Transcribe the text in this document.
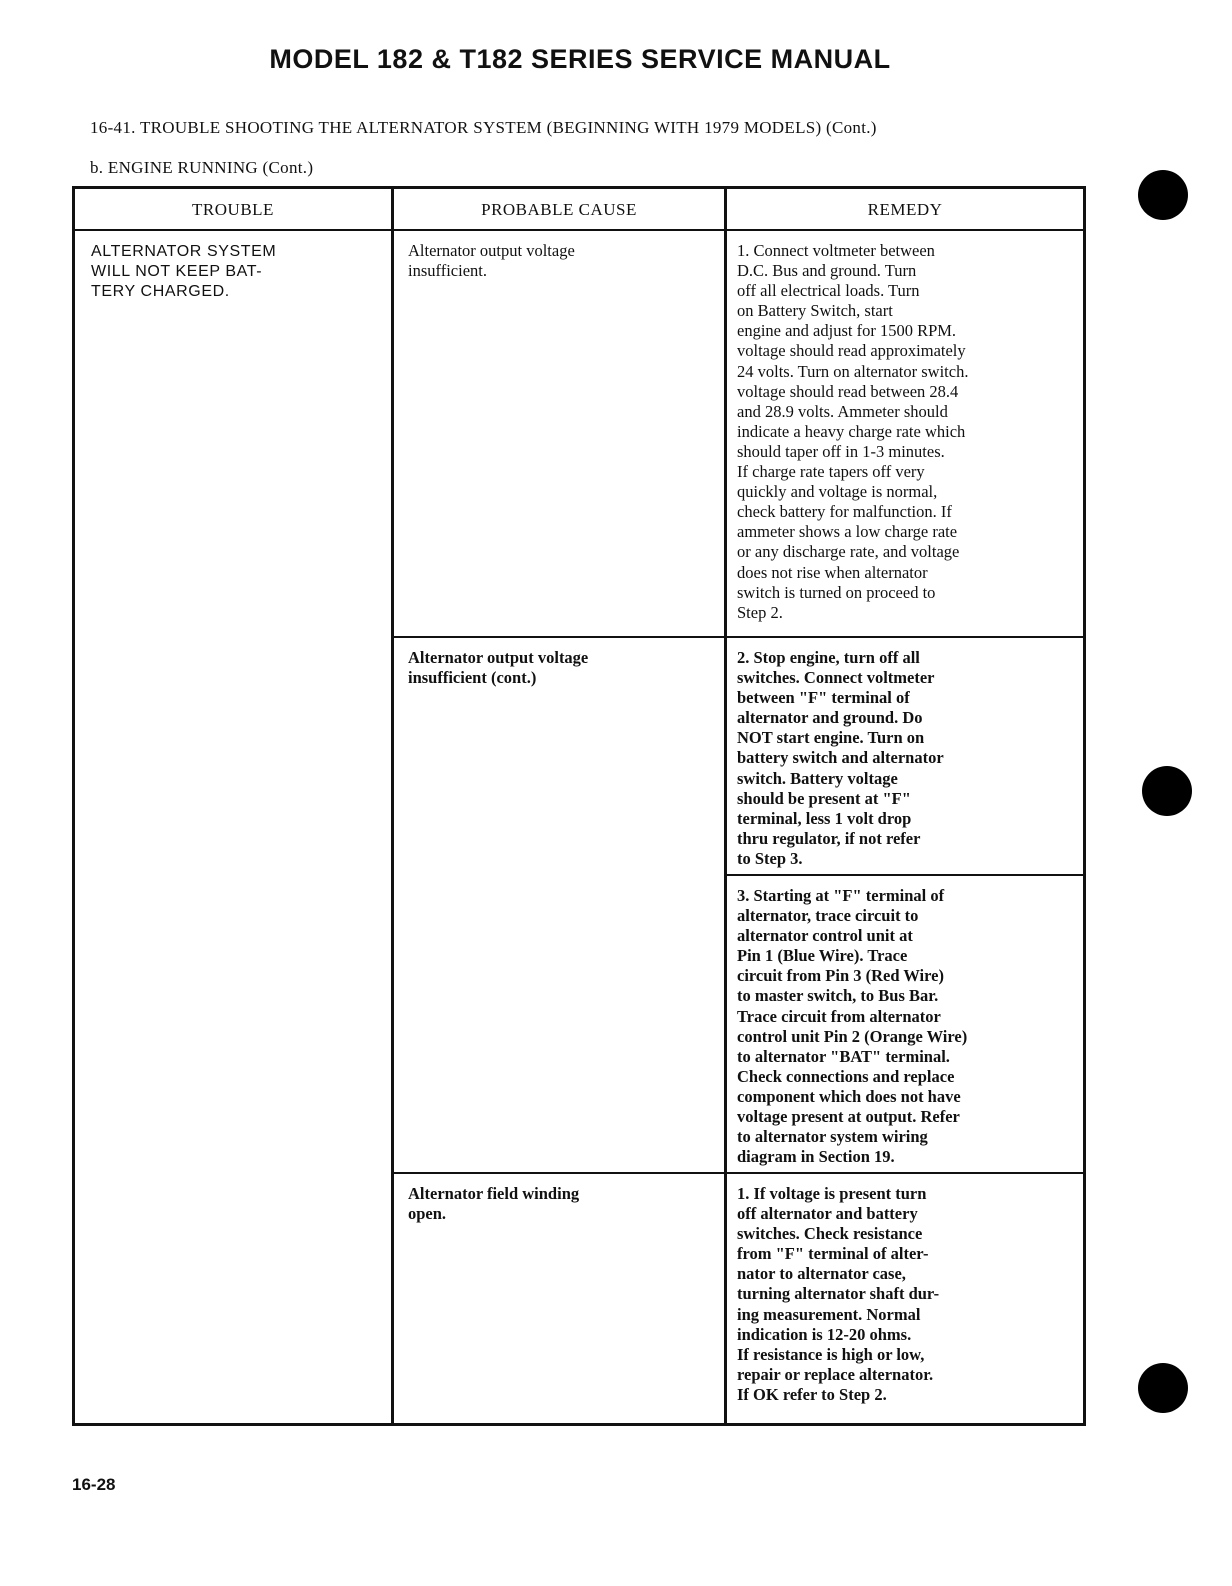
MODEL 182 & T182 SERIES SERVICE MANUAL
16-41. TROUBLE SHOOTING THE ALTERNATOR SYSTEM (BEGINNING WITH 1979 MODELS) (Cont.)
b. ENGINE RUNNING (Cont.)
TROUBLE	PROBABLE CAUSE	REMEDY
ALTERNATOR SYSTEM
WILL NOT KEEP BAT-
TERY CHARGED.
Alternator output voltage
insufficient.
1. Connect voltmeter between
D.C. Bus and ground. Turn
off all electrical loads. Turn
on Battery Switch, start
engine and adjust for 1500 RPM.
voltage should read approximately
24 volts. Turn on alternator switch.
voltage should read between 28.4
and 28.9 volts. Ammeter should
indicate a heavy charge rate which
should taper off in 1-3 minutes.
If charge rate tapers off very
quickly and voltage is normal,
check battery for malfunction. If
ammeter shows a low charge rate
or any discharge rate, and voltage
does not rise when alternator
switch is turned on proceed to
Step 2.
Alternator output voltage
insufficient (cont.)
2. Stop engine, turn off all
switches. Connect voltmeter
between "F" terminal of
alternator and ground. Do
NOT start engine. Turn on
battery switch and alternator
switch. Battery voltage
should be present at "F"
terminal, less 1 volt drop
thru regulator, if not refer
to Step 3.
3. Starting at "F" terminal of
alternator, trace circuit to
alternator control unit at
Pin 1 (Blue Wire). Trace
circuit from Pin 3 (Red Wire)
to master switch, to Bus Bar.
Trace circuit from alternator
control unit Pin 2 (Orange Wire)
to alternator "BAT" terminal.
Check connections and replace
component which does not have
voltage present at output. Refer
to alternator system wiring
diagram in Section 19.
Alternator field winding
open.
1. If voltage is present turn
off alternator and battery
switches. Check resistance
from "F" terminal of alter-
nator to alternator case,
turning alternator shaft dur-
ing measurement. Normal
indication is 12-20 ohms.
If resistance is high or low,
repair or replace alternator.
If OK refer to Step 2.
16-28
